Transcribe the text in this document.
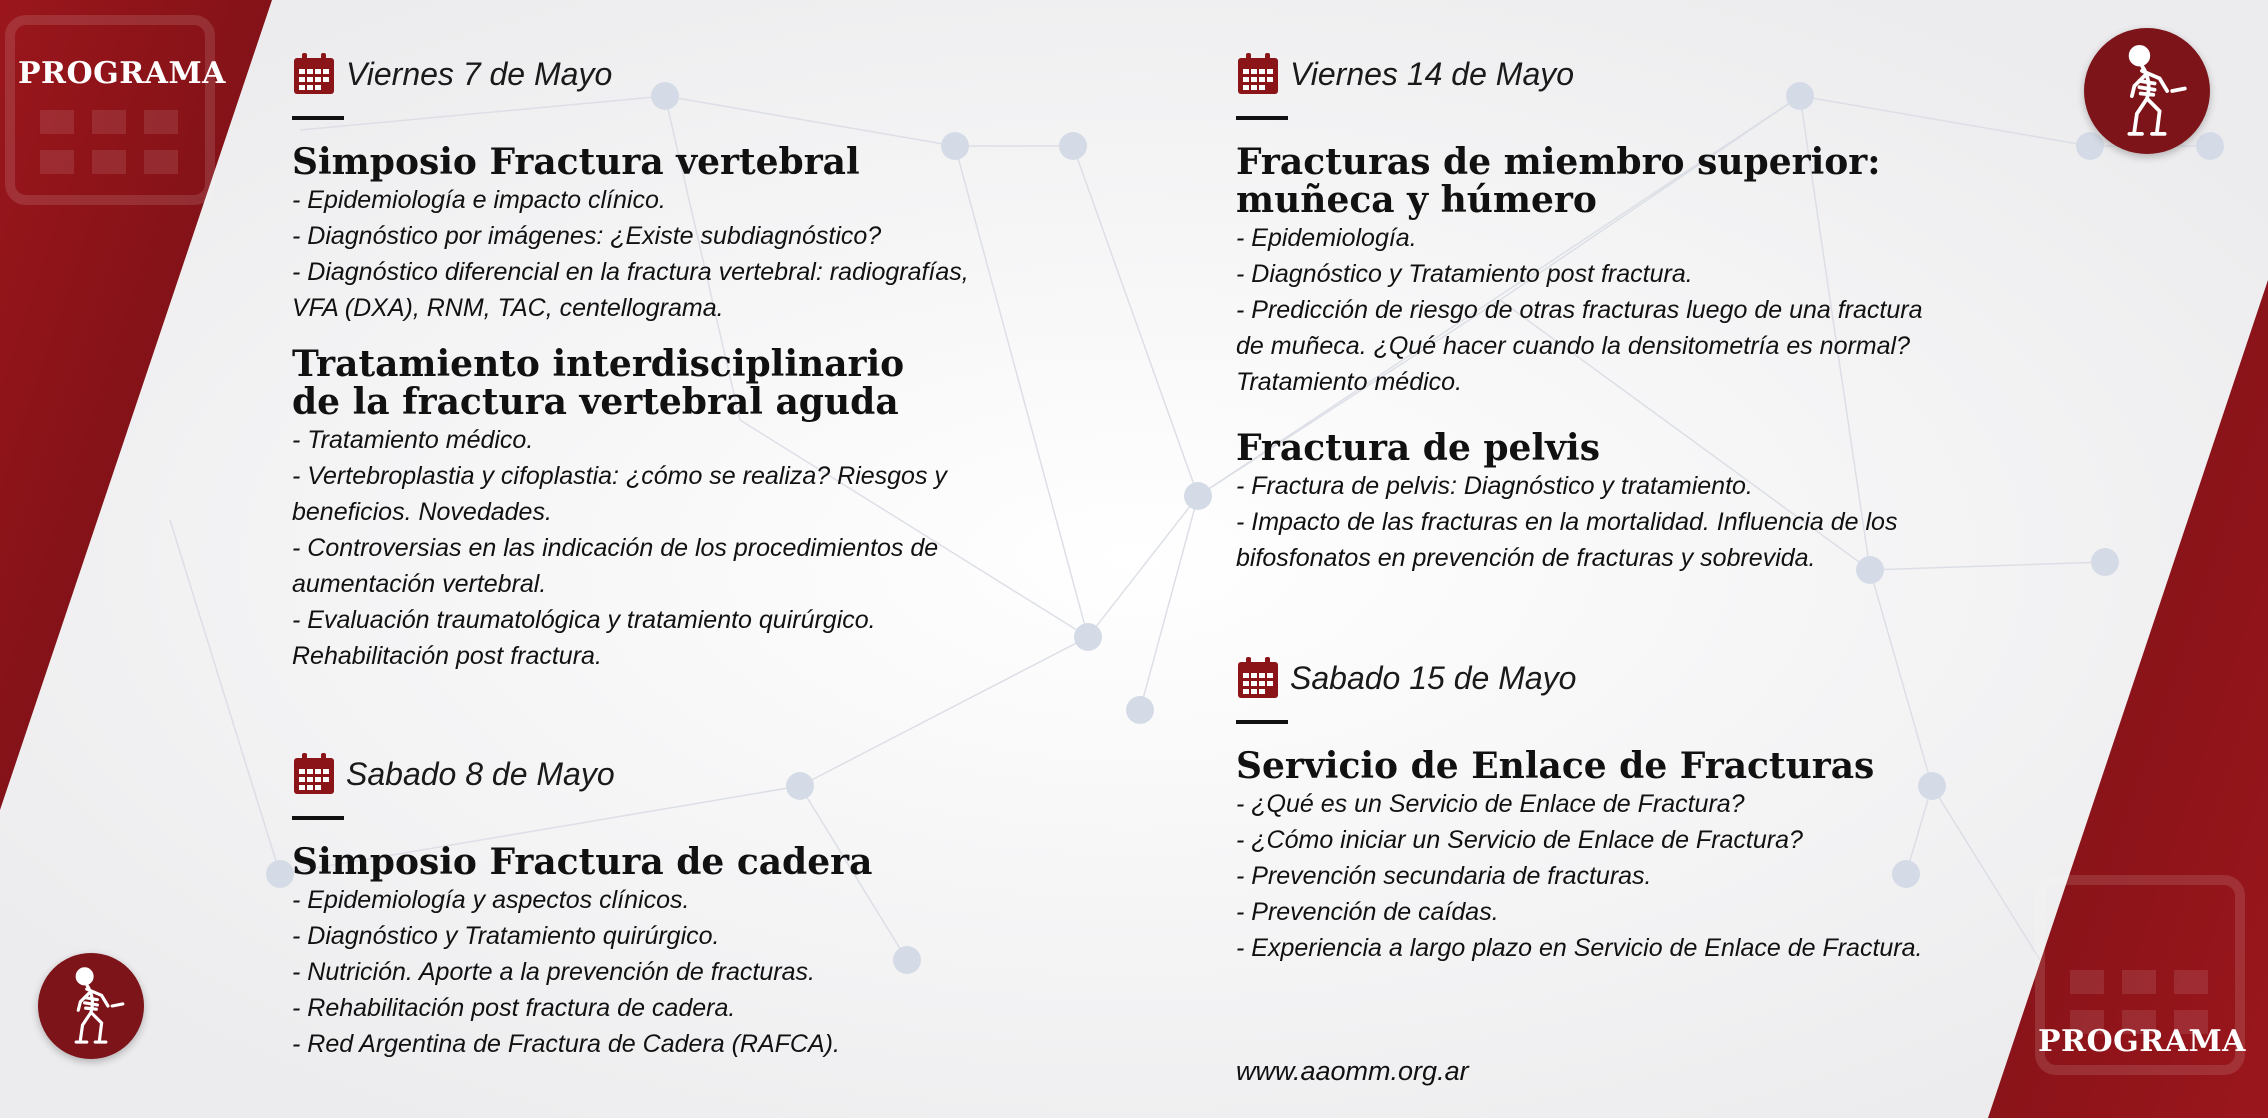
PROGRAMA
PROGRAMA
Viernes 7 de Mayo
Simposio Fractura vertebral
- Epidemiología e impacto clínico.
- Diagnóstico por imágenes: ¿Existe subdiagnóstico?
- Diagnóstico diferencial en la fractura vertebral: radiografías,
VFA (DXA), RNM, TAC, centellograma.
Tratamiento interdisciplinario
de la fractura vertebral aguda
- Tratamiento médico.
- Vertebroplastia y cifoplastia: ¿cómo se realiza? Riesgos y
beneficios. Novedades.
- Controversias en las indicación de los procedimientos de
aumentación vertebral.
- Evaluación traumatológica y tratamiento quirúrgico.
Rehabilitación post fractura.
Sabado 8 de Mayo
Simposio Fractura de cadera
- Epidemiología y aspectos clínicos.
- Diagnóstico y Tratamiento quirúrgico.
- Nutrición. Aporte a la prevención de fracturas.
- Rehabilitación post fractura de cadera.
- Red Argentina de Fractura de Cadera (RAFCA).
Viernes 14 de Mayo
Fracturas de miembro superior:
muñeca y húmero
- Epidemiología.
- Diagnóstico y Tratamiento post fractura.
- Predicción de riesgo de otras fracturas luego de una fractura
de muñeca. ¿Qué hacer cuando la densitometría es normal?
Tratamiento médico.
Fractura de pelvis
- Fractura de pelvis: Diagnóstico y tratamiento.
- Impacto de las fracturas en la mortalidad. Influencia de los
bifosfonatos en prevención de fracturas y sobrevida.
Sabado 15 de Mayo
Servicio de Enlace de Fracturas
- ¿Qué es un Servicio de Enlace de Fractura?
- ¿Cómo iniciar un Servicio de Enlace de Fractura?
- Prevención secundaria de fracturas.
- Prevención de caídas.
- Experiencia a largo plazo en Servicio de Enlace de Fractura.
www.aaomm.org.ar
